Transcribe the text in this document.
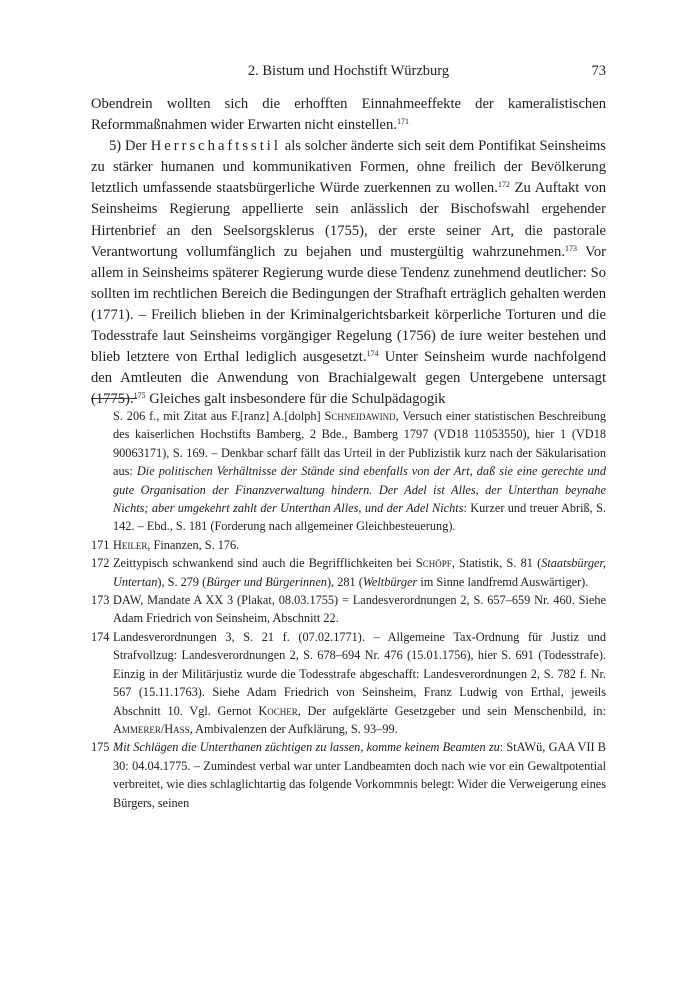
2. Bistum und Hochstift Würzburg	73

Obendrein wollten sich die erhofften Einnahmeeffekte der kameralistischen Reformmaßnahmen wider Erwarten nicht einstellen.$^{171}$

5) Der Herrschaftsstil als solcher änderte sich seit dem Pontifikat Seinsheims zu stärker humanen und kommunikativen Formen, ohne freilich der Bevölkerung letztlich umfassende staatsbürgerliche Würde zuerkennen zu wollen.$^{172}$ Zu Auftakt von Seinsheims Regierung appellierte sein anlässlich der Bischofswahl ergehender Hirtenbrief an den Seelsorgsklerus (1755), der erste seiner Art, die pastorale Verantwortung vollumfänglich zu bejahen und mustergültig wahrzunehmen.$^{173}$ Vor allem in Seinsheims späterer Regierung wurde diese Tendenz zunehmend deutlicher: So sollten im rechtlichen Bereich die Bedingungen der Strafhaft erträglich gehalten werden (1771). – Freilich blieben in der Kriminalgerichtsbarkeit körperliche Torturen und die Todesstrafe laut Seinsheims vorgängiger Regelung (1756) de iure weiter bestehen und blieb letztere von Erthal lediglich ausgesetzt.$^{174}$ Unter Seinsheim wurde nachfolgend den Amtleuten die Anwendung von Brachialgewalt gegen Untergebene untersagt (1775).$^{175}$ Gleiches galt insbesondere für die Schulpädagogik

S. 206 f., mit Zitat aus F.[ranz] A.[dolph] Schneidawind, Versuch einer statistischen Beschreibung des kaiserlichen Hochstifts Bamberg, 2 Bde., Bamberg 1797 (VD18 11053550), hier 1 (VD18 90063171), S. 169. – Denkbar scharf fällt das Urteil in der Publizistik kurz nach der Säkularisation aus: Die politischen Verhältnisse der Stände sind ebenfalls von der Art, daß sie eine gerechte und gute Organisation der Finanzverwaltung hindern. Der Adel ist Alles, der Unterthan beynahe Nichts; aber umgekehrt zahlt der Unterthan Alles, und der Adel Nichts: Kurzer und treuer Abriß, S. 142. – Ebd., S. 181 (Forderung nach allgemeiner Gleichbesteuerung).
171 Heiler, Finanzen, S. 176.
172 Zeittypisch schwankend sind auch die Begrifflichkeiten bei Schöpf, Statistik, S. 81 (Staatsbürger, Untertan), S. 279 (Bürger und Bürgerinnen), 281 (Weltbürger im Sinne landfremd Auswärtiger).
173 DAW, Mandate A XX 3 (Plakat, 08.03.1755) = Landesverordnungen 2, S. 657–659 Nr. 460. Siehe Adam Friedrich von Seinsheim, Abschnitt 22.
174 Landesverordnungen 3, S. 21 f. (07.02.1771). – Allgemeine Tax-Ordnung für Justiz und Strafvollzug: Landesverordnungen 2, S. 678–694 Nr. 476 (15.01.1756), hier S. 691 (Todesstrafe). Einzig in der Militärjustiz wurde die Todesstrafe abgeschafft: Landesverordnungen 2, S. 782 f. Nr. 567 (15.11.1763). Siehe Adam Friedrich von Seinsheim, Franz Ludwig von Erthal, jeweils Abschnitt 10. Vgl. Gernot Kocher, Der aufgeklärte Gesetzgeber und sein Menschenbild, in: Ammerer/Hass, Ambivalenzen der Aufklärung, S. 93–99.
175 Mit Schlägen die Unterthanen züchtigen zu lassen, komme keinem Beamten zu: StAWü, GAA VII B 30: 04.04.1775. – Zumindest verbal war unter Landbeamten doch nach wie vor ein Gewaltpotential verbreitet, wie dies schlaglichtartig das folgende Vorkommnis belegt: Wider die Verweigerung eines Bürgers, seinen
